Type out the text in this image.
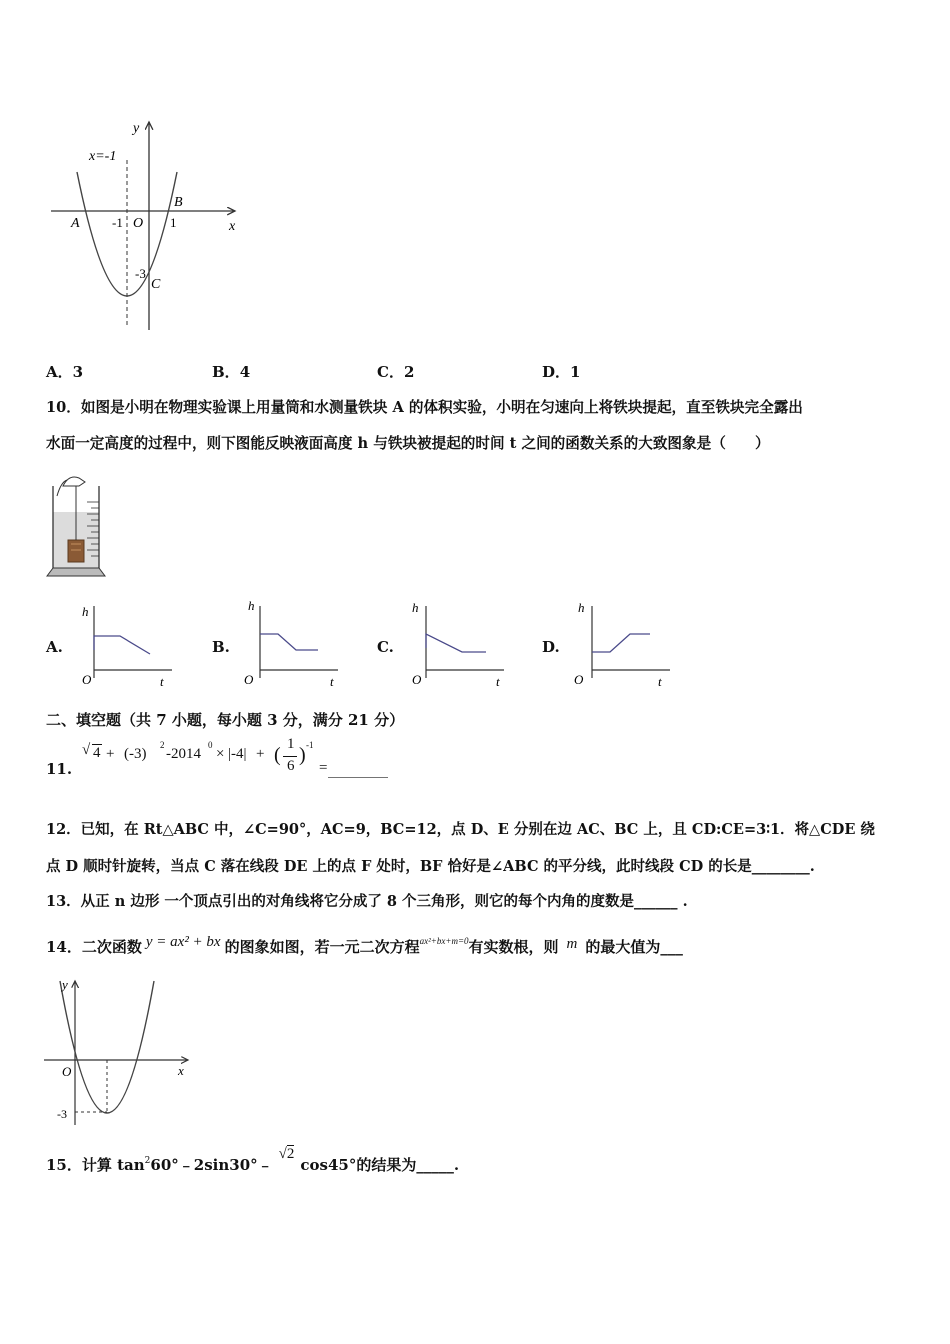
y
x
x=-1
A
B
C
O
-1	1
-3
A．3	B．4	C．2	D．1
10．如图是小明在物理实验课上用量筒和水测量铁块 A 的体积实验，小明在匀速向上将铁块提起，直至铁块完全露出
水面一定高度的过程中，则下图能反映液面高度 h 与铁块被提起的时间 t 之间的函数关系的大致图象是（　　）
A.
h
O	t
B.
h
O	t
C.
h
O	t
D.
h
O	t
二、填空题（共 7 小题，每小题 3 分，满分 21 分）
11.
√ 4 + (-3)
2
-2014
0
× |-4| + ( 1
6 ) -1
= ________
12．已知，在 Rt△ABC 中，∠C=90°，AC=9，BC=12，点 D、E 分别在边 AC、BC 上，且 CD:CE=3∶1．将△CDE 绕
点 D 顺时针旋转，当点 C 落在线段 DE 上的点 F 处时，BF 恰好是∠ABC 的平分线，此时线段 CD 的长是________.
13．从正 n 边形 一个顶点引出的对角线将它分成了 8 个三角形，则它的每个内角的度数是______ .
14．二次函数 y = ax² + bx 的图象如图，若一元二次方程$^{ax^2+bx+m=0}$有实数根，则 m 的最大值为___
y
x
O
-3
15．计算 $\tan^260^\circ﹣2\sin 30^\circ﹣√2\cos 45^\circ$的结果为_____.
